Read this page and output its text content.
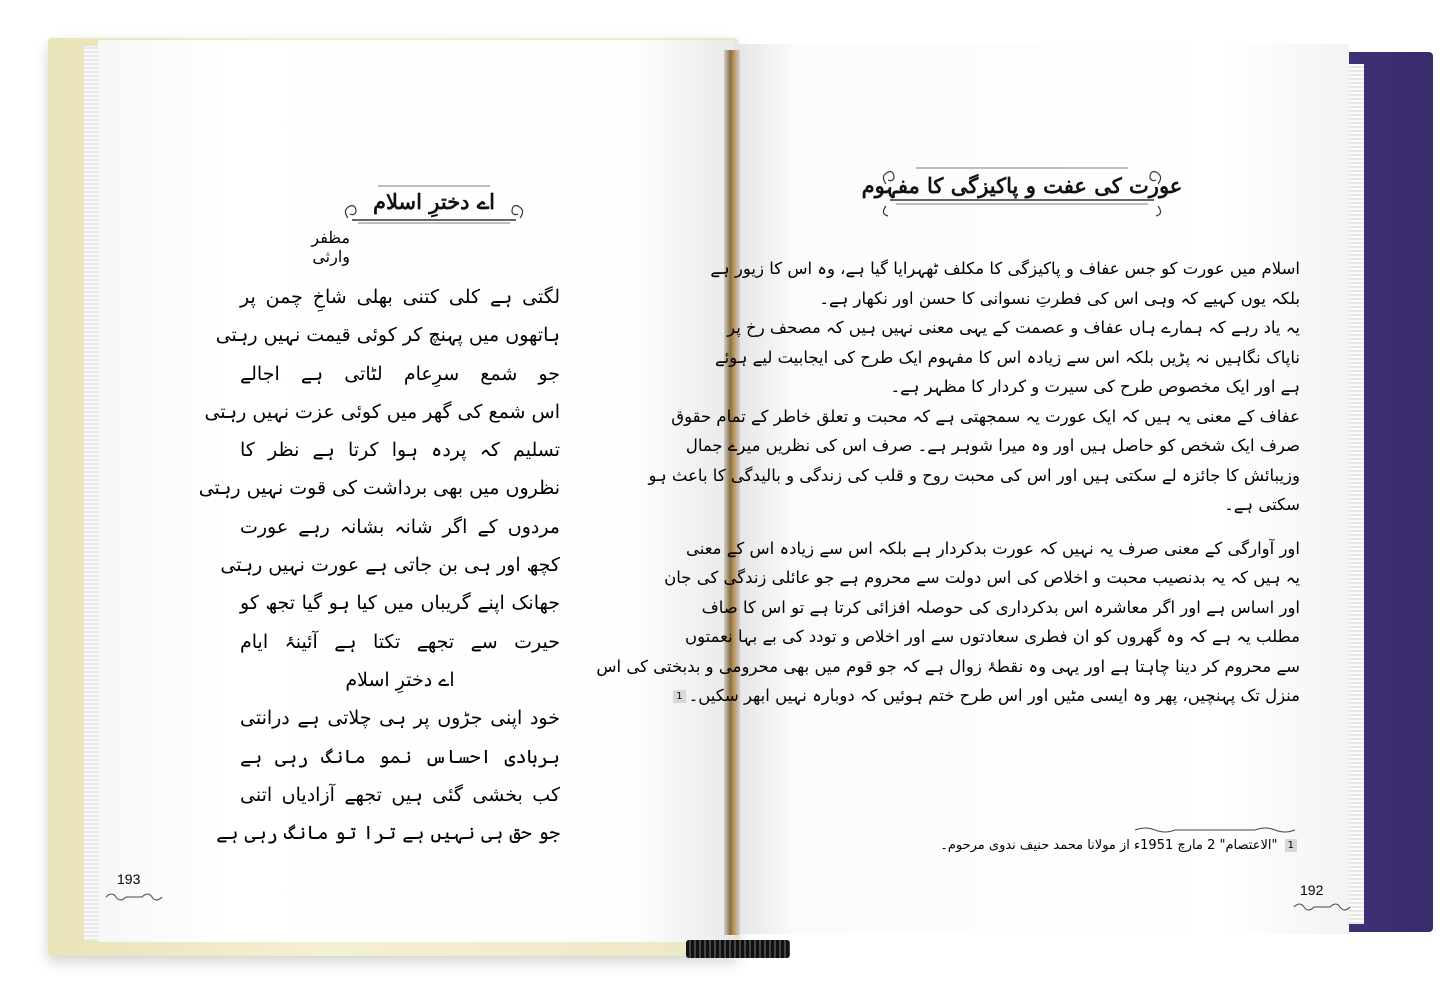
اے دخترِ اسلام
مظفر وارثی
لگتی ہے کلی کتنی بھلی شاخِ چمن پر
ہاتھوں میں پہنچ کر کوئی قیمت نہیں رہتی
جو شمع سرِعام لٹاتی ہے اجالے
اس شمع کی گھر میں کوئی عزت نہیں رہتی
تسلیم کہ پردہ ہوا کرتا ہے نظر کا
نظروں میں بھی برداشت کی قوت نہیں رہتی
مردوں کے اگر شانہ بشانہ رہے عورت
کچھ اور ہی بن جاتی ہے عورت نہیں رہتی
جھانک اپنے گریباں میں کیا ہو گیا تجھ کو
حیرت سے تجھے تکتا ہے آئینۂ ایام
اے دخترِ اسلام
خود اپنی جڑوں پر ہی چلاتی ہے درانتی
بربادی احساس نمو مانگ رہی ہے
کب بخشی گئی ہیں تجھے آزادیاں اتنی
جو حق ہی نہیں ہے ترا تو مانگ رہی ہے
193
عورت کی عفت و پاکیزگی کا مفہوم
اسلام میں عورت کو جس عفاف و پاکیزگی کا مکلف ٹھہرایا گیا ہے، وہ اس کا زیور ہے
بلکہ یوں کہیے کہ وہی اس کی فطرتِ نسوانی کا حسن اور نکھار ہے۔
یہ یاد رہے کہ ہمارے ہاں عفاف و عصمت کے یہی معنی نہیں ہیں کہ مصحف رخ پر
ناپاک نگاہیں نہ پڑیں بلکہ اس سے زیادہ اس کا مفہوم ایک طرح کی ایجابیت لیے ہوئے
ہے اور ایک مخصوص طرح کی سیرت و کردار کا مظہر ہے۔
عفاف کے معنی یہ ہیں کہ ایک عورت یہ سمجھتی ہے کہ محبت و تعلق خاطر کے تمام حقوق
صرف ایک شخص کو حاصل ہیں اور وہ میرا شوہر ہے۔ صرف اس کی نظریں میرے جمال
وزیبائش کا جائزہ لے سکتی ہیں اور اس کی محبت روح و قلب کی زندگی و بالیدگی کا باعث ہو
سکتی ہے۔
اور آوارگی کے معنی صرف یہ نہیں کہ عورت بدکردار ہے بلکہ اس سے زیادہ اس کے معنی
یہ ہیں کہ یہ بدنصیب محبت و اخلاص کی اس دولت سے محروم ہے جو عائلی زندگی کی جان
اور اساس ہے اور اگر معاشرہ اس بدکرداری کی حوصلہ افزائی کرتا ہے تو اس کا صاف
مطلب یہ ہے کہ وہ گھروں کو ان فطری سعادتوں سے اور اخلاص و تودد کی بے بہا نعمتوں
سے محروم کر دینا چاہتا ہے اور یہی وہ نقطۂ زوال ہے کہ جو قوم میں بھی محرومی و بدبختی کی اس
منزل تک پہنچیں، پھر وہ ایسی مٹیں اور اس طرح ختم ہوئیں کہ دوبارہ نہیں ابھر سکیں۔1
1 "الاعتصام" 2 مارچ 1951ء از مولانا محمد حنیف ندوی مرحوم۔
192
